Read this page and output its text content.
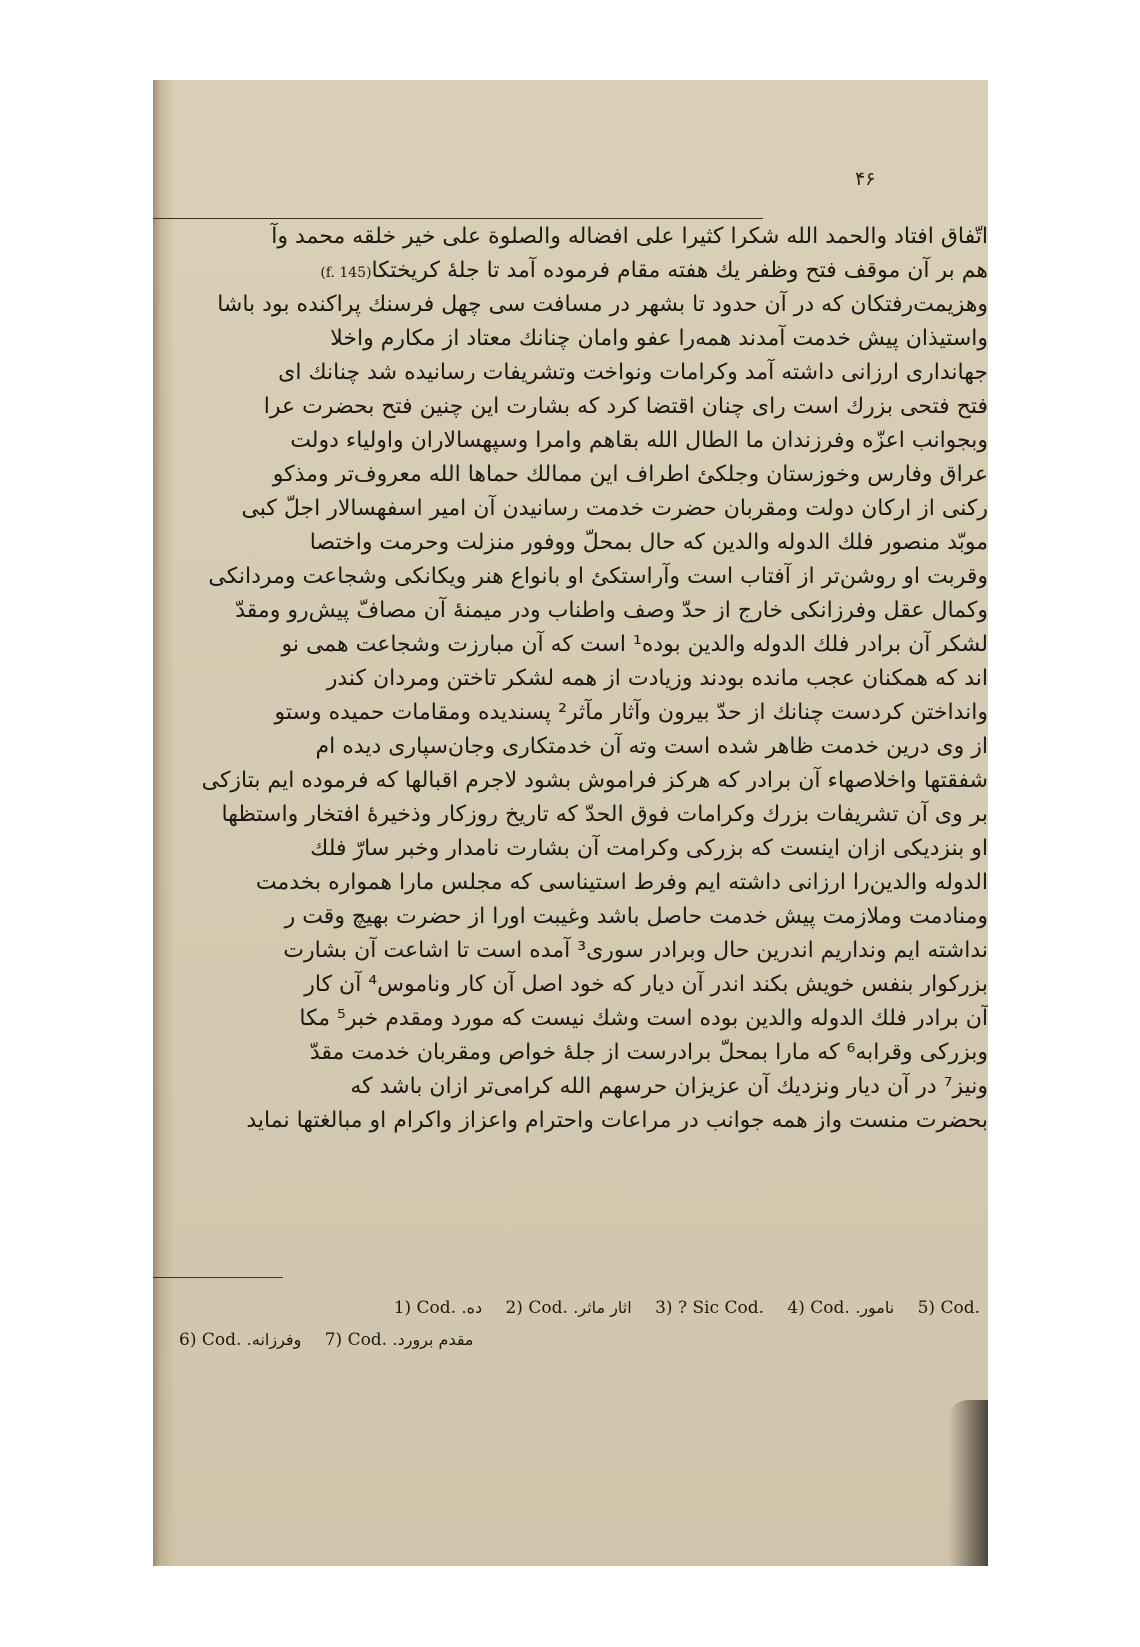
۴۶
اتّفاق افتاد والحمد الله شکرا کثیرا علی افضاله والصلوة علی خیر خلقه محمد وآ
هم بر آن موقف فتح وظفر یك هفته مقام فرموده آمد تا جلهٔ کریختکا(f. 145)
وهزیمت‌رفتکان که در آن حدود تا بشهر در مسافت سی چهل فرسنك پراکنده بود باشا
واستیذان پیش خدمت آمدند همه‌را عفو وامان چنانك معتاد از مکارم واخلا
جهانداری ارزانی داشته آمد وکرامات ونواخت وتشریفات رسانیده شد چنانك ای
فتح فتحی بزرك است رای چنان اقتضا کرد که بشارت این چنین فتح بحضرت عرا
وبجوانب اعزّه وفرزندان ما الطال الله بقاهم وامرا وسپهسالاران واولیاء دولت
عراق وفارس وخوزستان وجلکئ اطراف این ممالك حماها الله معروف‌تر ومذکو
رکنی از ارکان دولت ومقربان حضرت خدمت رسانیدن آن امیر اسفهسالار اجلّ کبی
موبّد منصور فلك الدوله والدین که حال بمحلّ ووفور منزلت وحرمت واختصا
وقربت او روشن‌تر از آفتاب است وآراستکئ او بانواع هنر ویکانکی وشجاعت ومردانکی
وکمال عقل وفرزانکی خارج از حدّ وصف واطناب ودر میمنهٔ آن مصافّ پیش‌رو ومقدّ
لشکر آن برادر فلك الدوله والدین بوده¹ است که آن مبارزت وشجاعت همی نو
اند که همکنان عجب مانده بودند وزیادت از همه لشکر تاختن ومردان کندر
وانداختن کردست چنانك از حدّ بیرون وآثار مآثر² پسندیده ومقامات حمیده وستو
از وی درین خدمت ظاهر شده است وته آن خدمتکاری وجان‌سپاری دیده ام
شفقتها واخلاصهاء آن برادر که هرکز فراموش بشود لاجرم اقبالها که فرموده ایم بتازکی
بر وی آن تشریفات بزرك وکرامات فوق الحدّ که تاریخ روزکار وذخیرهٔ افتخار واستظها
او بنزدیکی ازان اینست که بزرکی وکرامت آن بشارت نامدار وخبر سارّ فلك
الدوله والدین‌را ارزانی داشته ایم وفرط استیناسی که مجلس مارا همواره بخدمت
ومنادمت وملازمت پیش خدمت حاصل باشد وغیبت اورا از حضرت بهیچ وقت ر
نداشته ایم ونداریم اندرین حال وبرادر سوری³ آمده است تا اشاعت آن بشارت
بزرکوار بنفس خویش بکند اندر آن دیار که خود اصل آن کار وناموس⁴ آن کار
آن برادر فلك الدوله والدین بوده است وشك نیست که مورد ومقدم خبر⁵ مکا
وبزرکی وقرابه⁶ که مارا بمحلّ برادرست از جلهٔ خواص ومقربان خدمت مقدّ
ونیز⁷ در آن دیار ونزدیك آن عزیزان حرسهم الله کرامی‌تر ازان باشد که
بحضرت منست واز همه جوانب در مراعات واحترام واعزاز واکرام او مبالغتها نماید
1) Cod. ده. 2) Cod. اثار ماثر. 3) ? Sic Cod. 4) Cod. نامور. 5) Cod.
6) Cod. وفرزانه. 7) Cod. مقدم برورد.
